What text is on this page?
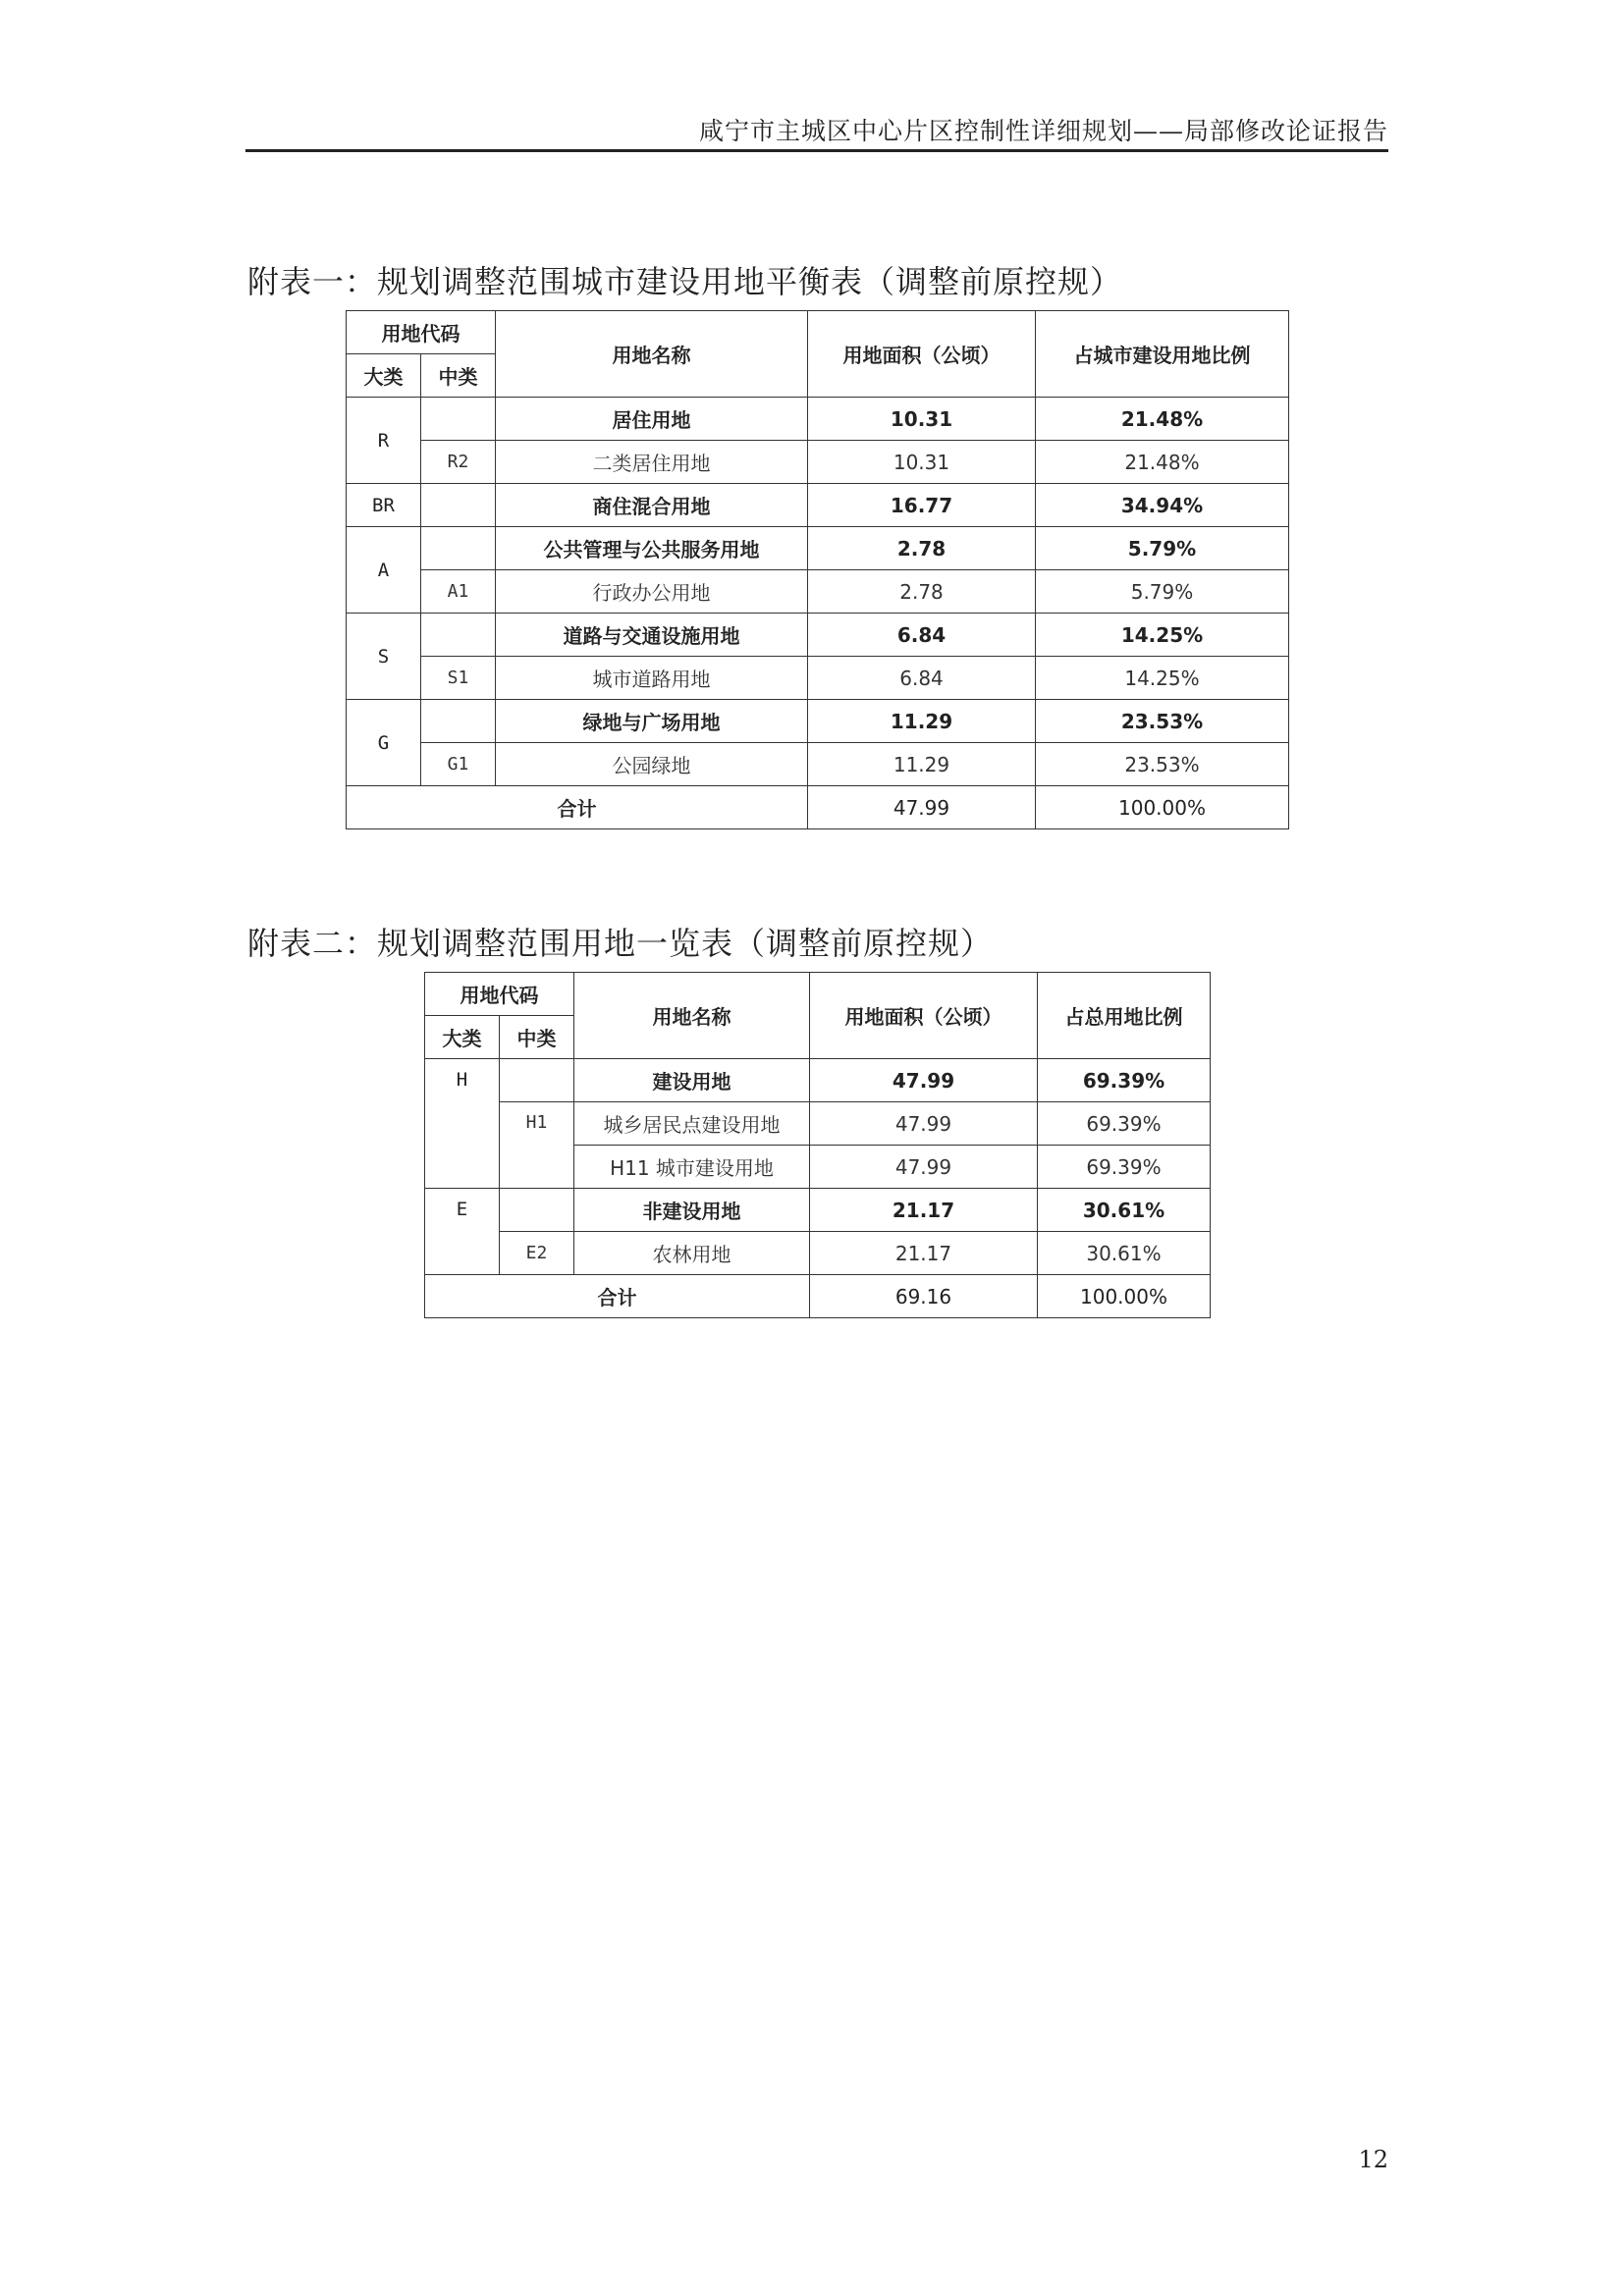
咸宁市主城区中心片区控制性详细规划——局部修改论证报告
附表一：规划调整范围城市建设用地平衡表（调整前原控规）
用地代码		用地名称	用地面积（公顷）	占城市建设用地比例
大类	中类			
R		居住用地	10.31	21.48%
	R2	二类居住用地	10.31	21.48%
BR		商住混合用地	16.77	34.94%
A		公共管理与公共服务用地	2.78	5.79%
	A1	行政办公用地	2.78	5.79%
S		道路与交通设施用地	6.84	14.25%
	S1	城市道路用地	6.84	14.25%
G		绿地与广场用地	11.29	23.53%
	G1	公园绿地	11.29	23.53%
合计			47.99	100.00%
附表二：规划调整范围用地一览表（调整前原控规）
用地代码		用地名称	用地面积（公顷）	占总用地比例
大类	中类			
H		建设用地	47.99	69.39%
	H1	城乡居民点建设用地	47.99	69.39%
		H11 城市建设用地	47.99	69.39%
E		非建设用地	21.17	30.61%
	E2	农林用地	21.17	30.61%
合计			69.16	100.00%
12
